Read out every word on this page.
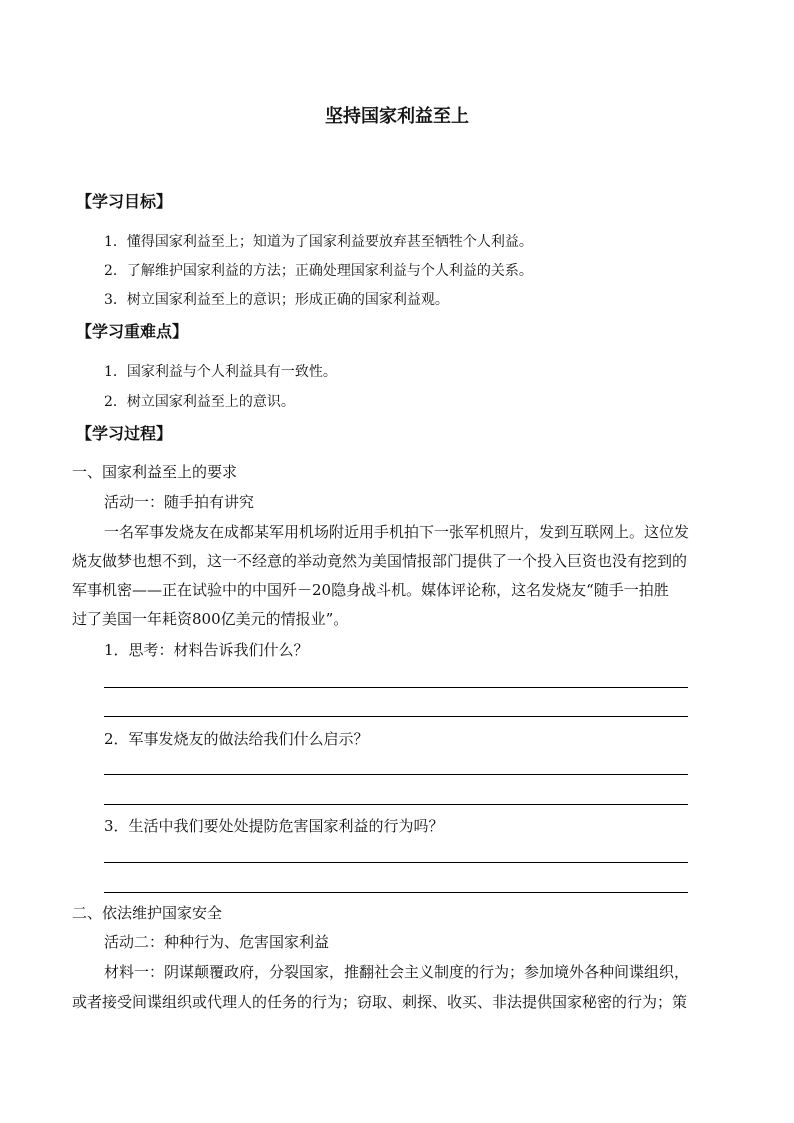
坚持国家利益至上
【学习目标】
1．懂得国家利益至上；知道为了国家利益要放弃甚至牺牲个人利益。
2．了解维护国家利益的方法；正确处理国家利益与个人利益的关系。
3．树立国家利益至上的意识；形成正确的国家利益观。
【学习重难点】
1．国家利益与个人利益具有一致性。
2．树立国家利益至上的意识。
【学习过程】
一、国家利益至上的要求
活动一：随手拍有讲究
一名军事发烧友在成都某军用机场附近用手机拍下一张军机照片，发到互联网上。这位发
烧友做梦也想不到，这一不经意的举动竟然为美国情报部门提供了一个投入巨资也没有挖到的
军事机密——正在试验中的中国歼－20隐身战斗机。媒体评论称，这名发烧友“随手一拍胜
过了美国一年耗资800亿美元的情报业”。
1．思考：材料告诉我们什么？
2．军事发烧友的做法给我们什么启示？
3．生活中我们要处处提防危害国家利益的行为吗？
二、依法维护国家安全
活动二：种种行为、危害国家利益
材料一：阴谋颠覆政府，分裂国家，推翻社会主义制度的行为；参加境外各种间谍组织，
或者接受间谍组织或代理人的任务的行为；窃取、刺探、收买、非法提供国家秘密的行为；策
